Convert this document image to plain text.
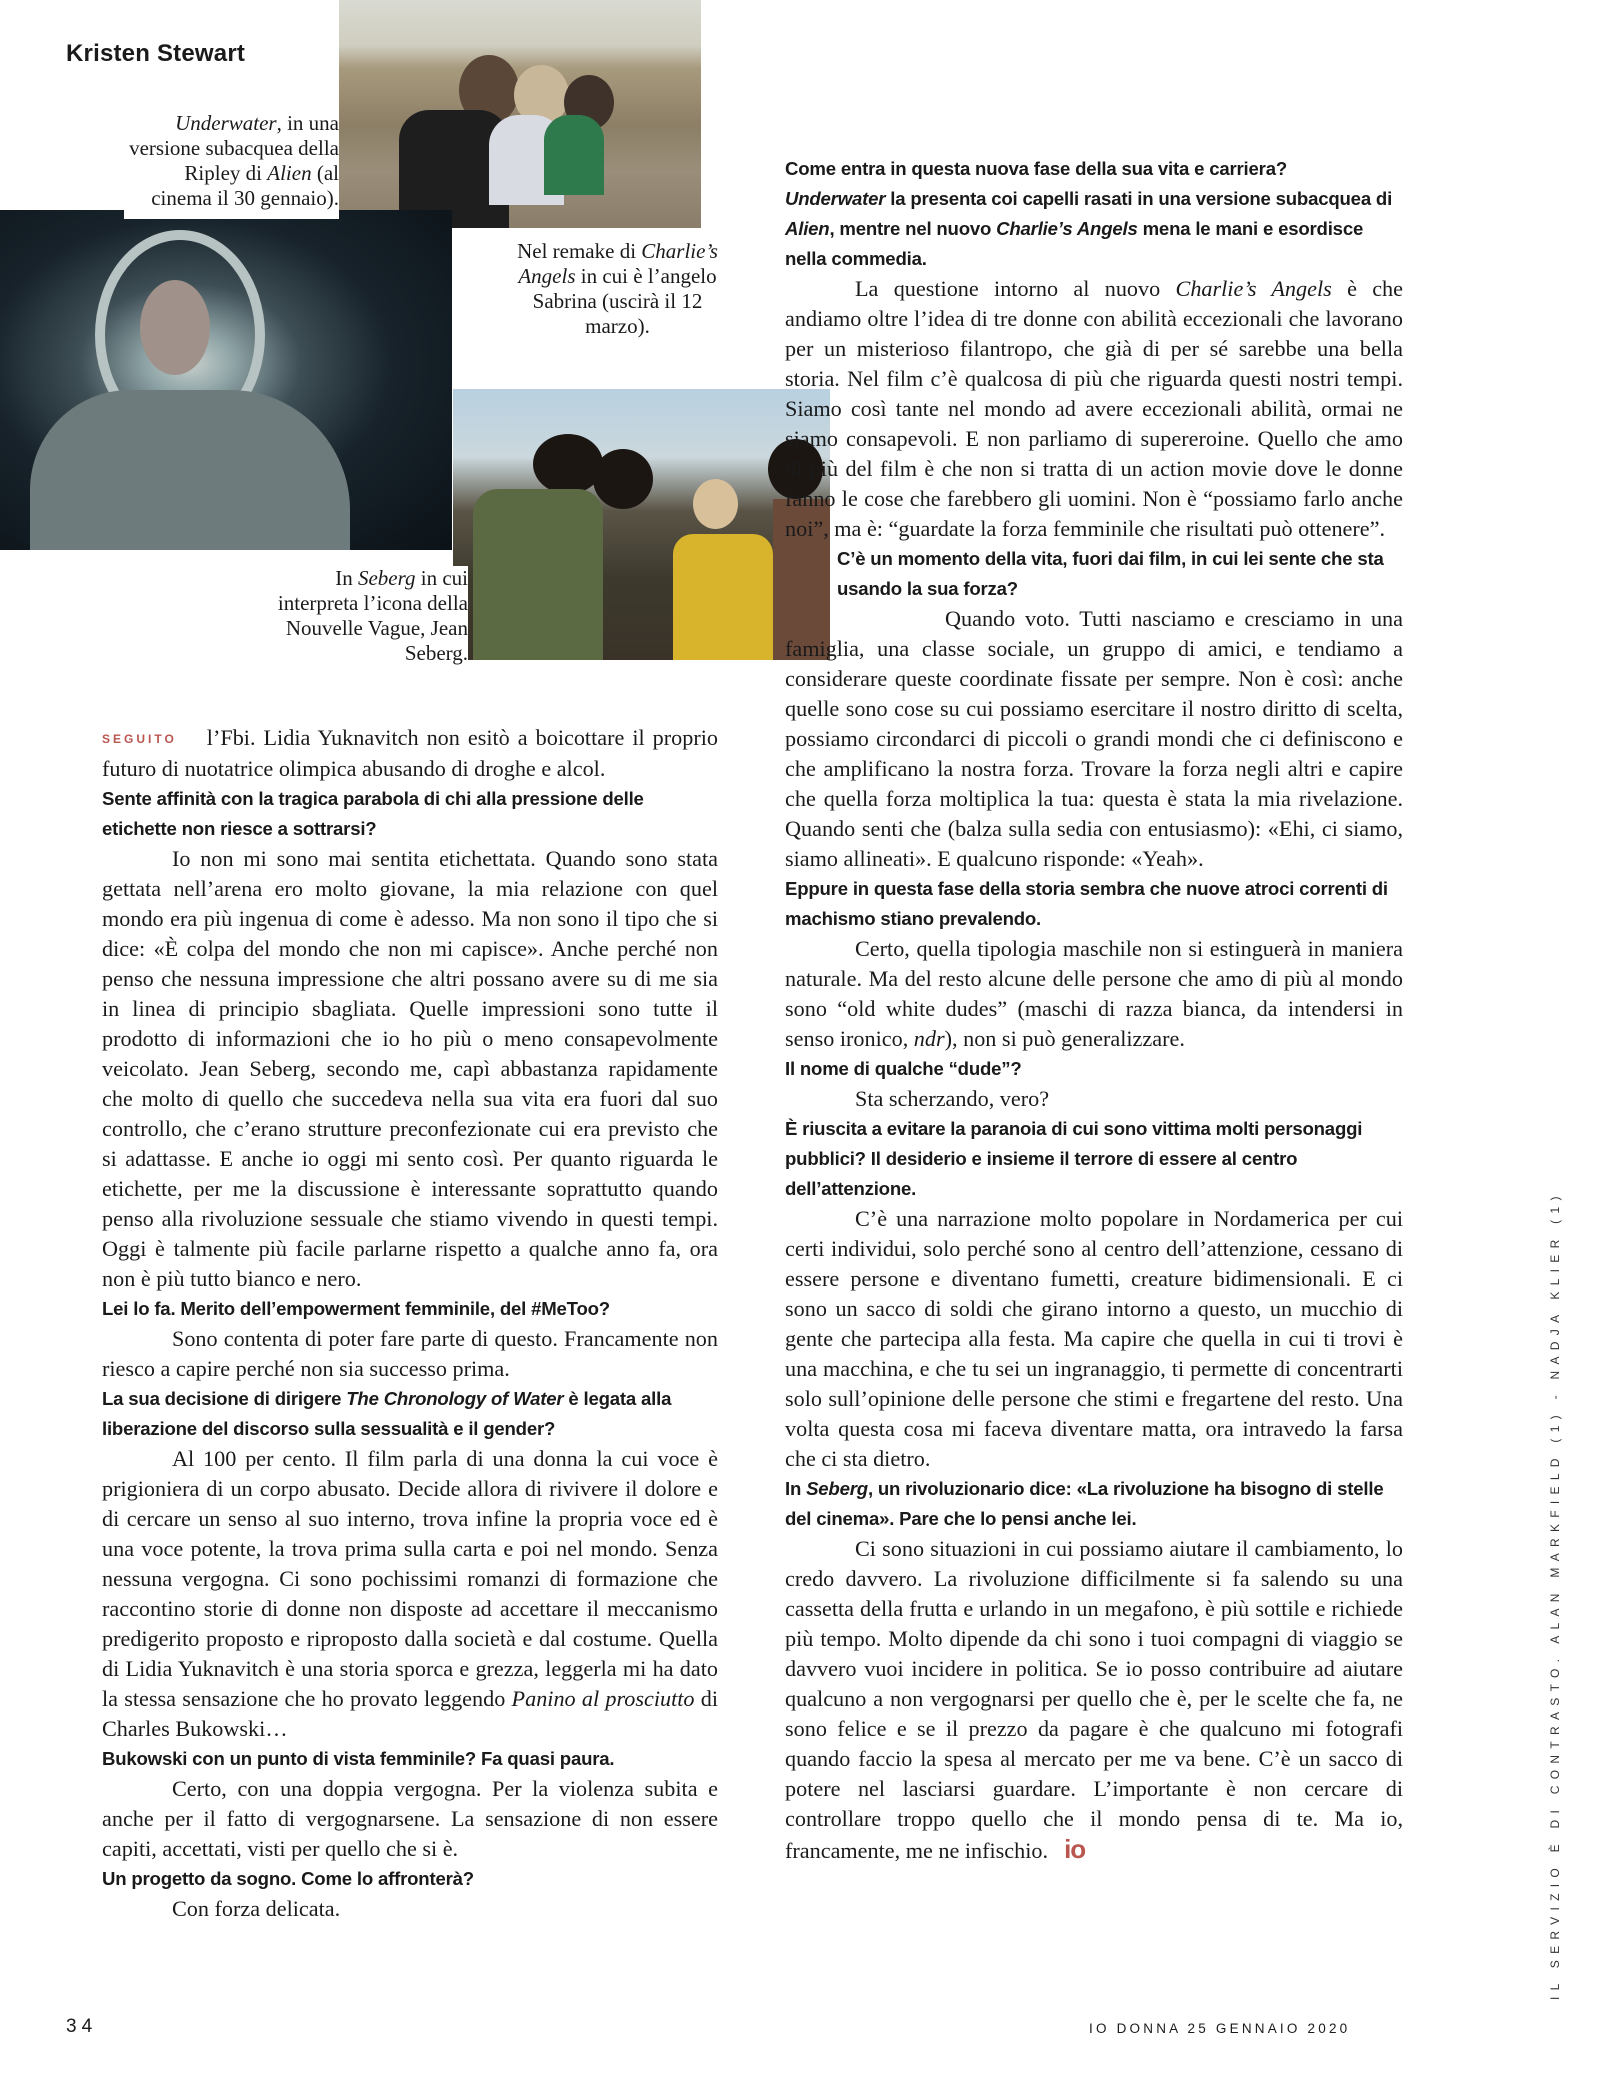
Kristen Stewart
Underwater, in una versione subacquea della Ripley di Alien (al cinema il 30 gennaio).
Nel remake di Charlie’s Angels in cui è l’angelo Sabrina (uscirà il 12 marzo).
In Seberg in cui interpreta l’icona della Nouvelle Vague, Jean Seberg.
SEGUITO l’Fbi. Lidia Yuknavitch non esitò a boicottare il proprio futuro di nuotatrice olimpica abusando di droghe e alcol.
Sente affinità con la tragica parabola di chi alla pressione delle etichette non riesce a sottrarsi?
Io non mi sono mai sentita etichettata. Quando sono stata gettata nell’arena ero molto giovane, la mia relazione con quel mondo era più ingenua di come è adesso. Ma non sono il tipo che si dice: «È colpa del mondo che non mi capisce». Anche perché non penso che nessuna impressione che altri possano avere su di me sia in linea di principio sbagliata. Quelle impressioni sono tutte il prodotto di informazioni che io ho più o meno consapevolmente veicolato. Jean Seberg, secondo me, capì abbastanza rapidamente che molto di quello che succedeva nella sua vita era fuori dal suo controllo, che c’erano strutture preconfezionate cui era previsto che si adattasse. E anche io oggi mi sento così. Per quanto riguarda le etichette, per me la discussione è interessante soprattutto quando penso alla rivoluzione sessuale che stiamo vivendo in questi tempi. Oggi è talmente più facile parlarne rispetto a qualche anno fa, ora non è più tutto bianco e nero.
Lei lo fa. Merito dell’empowerment femminile, del #MeToo?
Sono contenta di poter fare parte di questo. Francamente non riesco a capire perché non sia successo prima.
La sua decisione di dirigere The Chronology of Water è legata alla liberazione del discorso sulla sessualità e il gender?
Al 100 per cento. Il film parla di una donna la cui voce è prigioniera di un corpo abusato. Decide allora di rivivere il dolore e di cercare un senso al suo interno, trova infine la propria voce ed è una voce potente, la trova prima sulla carta e poi nel mondo. Senza nessuna vergogna. Ci sono pochissimi romanzi di formazione che raccontino storie di donne non disposte ad accettare il meccanismo predigerito proposto e riproposto dalla società e dal costume. Quella di Lidia Yuknavitch è una storia sporca e grezza, leggerla mi ha dato la stessa sensazione che ho provato leggendo Panino al prosciutto di Charles Bukowski…
Bukowski con un punto di vista femminile? Fa quasi paura.
Certo, con una doppia vergogna. Per la violenza subita e anche per il fatto di vergognarsene. La sensazione di non essere capiti, accettati, visti per quello che si è.
Un progetto da sogno. Come lo affronterà?
Con forza delicata.
Come entra in questa nuova fase della sua vita e carriera?
Underwater la presenta coi capelli rasati in una versione subacquea di Alien, mentre nel nuovo Charlie’s Angels mena le mani e esordisce nella commedia.
La questione intorno al nuovo Charlie’s Angels è che andiamo oltre l’idea di tre donne con abilità eccezionali che lavorano per un misterioso filantropo, che già di per sé sarebbe una bella storia. Nel film c’è qualcosa di più che riguarda questi nostri tempi. Siamo così tante nel mondo ad avere eccezionali abilità, ormai ne siamo consapevoli. E non parliamo di supereroine. Quello che amo di più del film è che non si tratta di un action movie dove le donne fanno le cose che farebbero gli uomini. Non è “possiamo farlo anche noi”, ma è: “guardate la forza femminile che risultati può ottenere”.
C’è un momento della vita, fuori dai film, in cui lei sente che sta usando la sua forza?
Quando voto. Tutti nasciamo e cresciamo in una famiglia, una classe sociale, un gruppo di amici, e tendiamo a considerare queste coordinate fissate per sempre. Non è così: anche quelle sono cose su cui possiamo esercitare il nostro diritto di scelta, possiamo circondarci di piccoli o grandi mondi che ci definiscono e che amplificano la nostra forza. Trovare la forza negli altri e capire che quella forza moltiplica la tua: questa è stata la mia rivelazione. Quando senti che (balza sulla sedia con entusiasmo): «Ehi, ci siamo, siamo allineati». E qualcuno risponde: «Yeah».
Eppure in questa fase della storia sembra che nuove atroci correnti di machismo stiano prevalendo.
Certo, quella tipologia maschile non si estinguerà in maniera naturale. Ma del resto alcune delle persone che amo di più al mondo sono “old white dudes” (maschi di razza bianca, da intendersi in senso ironico, ndr), non si può generalizzare.
Il nome di qualche “dude”?
Sta scherzando, vero?
È riuscita a evitare la paranoia di cui sono vittima molti personaggi pubblici? Il desiderio e insieme il terrore di essere al centro dell’attenzione.
C’è una narrazione molto popolare in Nordamerica per cui certi individui, solo perché sono al centro dell’attenzione, cessano di essere persone e diventano fumetti, creature bidimensionali. E ci sono un sacco di soldi che girano intorno a questo, un mucchio di gente che partecipa alla festa. Ma capire che quella in cui ti trovi è una macchina, e che tu sei un ingranaggio, ti permette di concentrarti solo sull’opinione delle persone che stimi e fregartene del resto. Una volta questa cosa mi faceva diventare matta, ora intravedo la farsa che ci sta dietro.
In Seberg, un rivoluzionario dice: «La rivoluzione ha bisogno di stelle del cinema». Pare che lo pensi anche lei.
Ci sono situazioni in cui possiamo aiutare il cambiamento, lo credo davvero. La rivoluzione difficilmente si fa salendo su una cassetta della frutta e urlando in un megafono, è più sottile e richiede più tempo. Molto dipende da chi sono i tuoi compagni di viaggio se davvero vuoi incidere in politica. Se io posso contribuire ad aiutare qualcuno a non vergognarsi per quello che è, per le scelte che fa, ne sono felice e se il prezzo da pagare è che qualcuno mi fotografi quando faccio la spesa al mercato per me va bene. C’è un sacco di potere nel lasciarsi guardare. L’importante è non cercare di controllare troppo quello che il mondo pensa di te. Ma io, francamente, me ne infischio. io
34	IO DONNA 25 GENNAIO 2020
IL SERVIZIO È DI CONTRASTO. ALAN MARKFIELD (1) - NADJA KLIER (1)
